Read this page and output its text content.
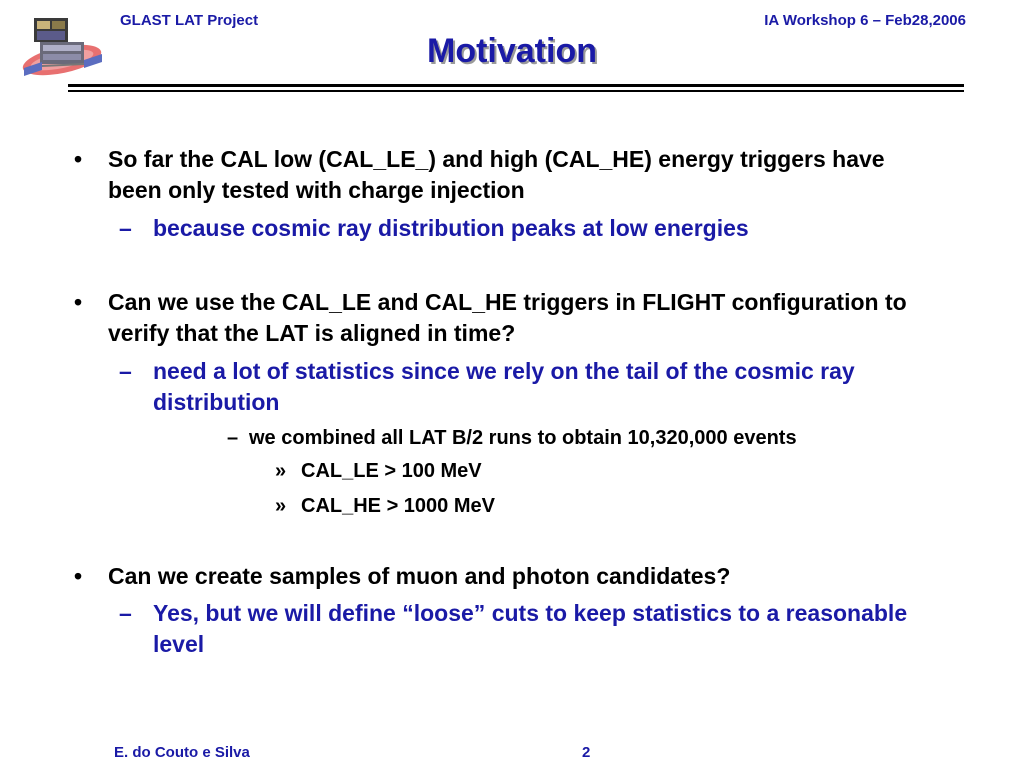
GLAST LAT Project	IA Workshop 6 – Feb28,2006
Motivation
• So far the CAL low (CAL_LE_) and high (CAL_HE) energy triggers have been only tested with charge injection
– because cosmic ray distribution peaks at low energies
• Can we use the CAL_LE and CAL_HE triggers in FLIGHT configuration to verify that the LAT is aligned in time?
– need a lot of statistics since we rely on the tail of the cosmic ray distribution
– we combined all LAT B/2 runs to obtain 10,320,000 events
» CAL_LE > 100 MeV
» CAL_HE > 1000 MeV
• Can we create samples of muon and photon candidates?
– Yes, but we will define “loose” cuts to keep statistics to a reasonable level
E. do Couto e Silva	2
